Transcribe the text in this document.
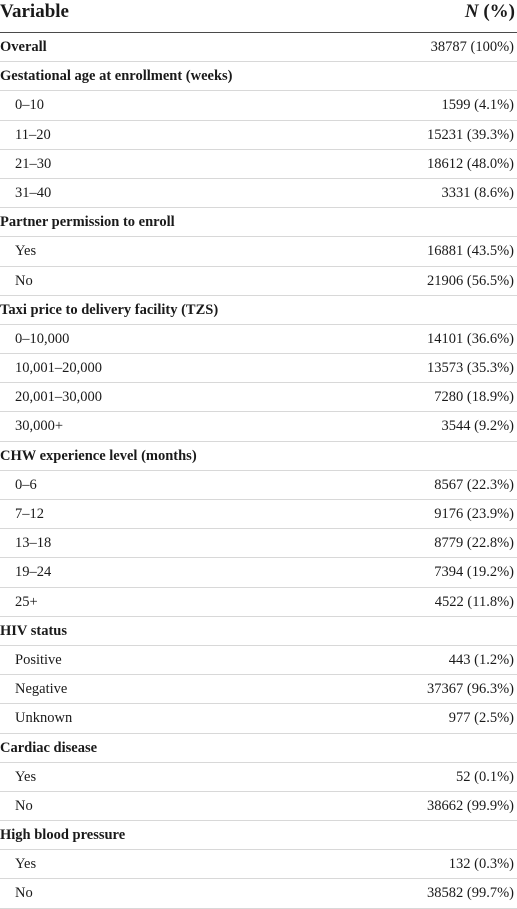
Variable	N (%)
Overall	38787 (100%)
Gestational age at enrollment (weeks)
0–10	1599 (4.1%)
11–20	15231 (39.3%)
21–30	18612 (48.0%)
31–40	3331 (8.6%)
Partner permission to enroll
Yes	16881 (43.5%)
No	21906 (56.5%)
Taxi price to delivery facility (TZS)
0–10,000	14101 (36.6%)
10,001–20,000	13573 (35.3%)
20,001–30,000	7280 (18.9%)
30,000+	3544 (9.2%)
CHW experience level (months)
0–6	8567 (22.3%)
7–12	9176 (23.9%)
13–18	8779 (22.8%)
19–24	7394 (19.2%)
25+	4522 (11.8%)
HIV status
Positive	443 (1.2%)
Negative	37367 (96.3%)
Unknown	977 (2.5%)
Cardiac disease
Yes	52 (0.1%)
No	38662 (99.9%)
High blood pressure
Yes	132 (0.3%)
No	38582 (99.7%)
